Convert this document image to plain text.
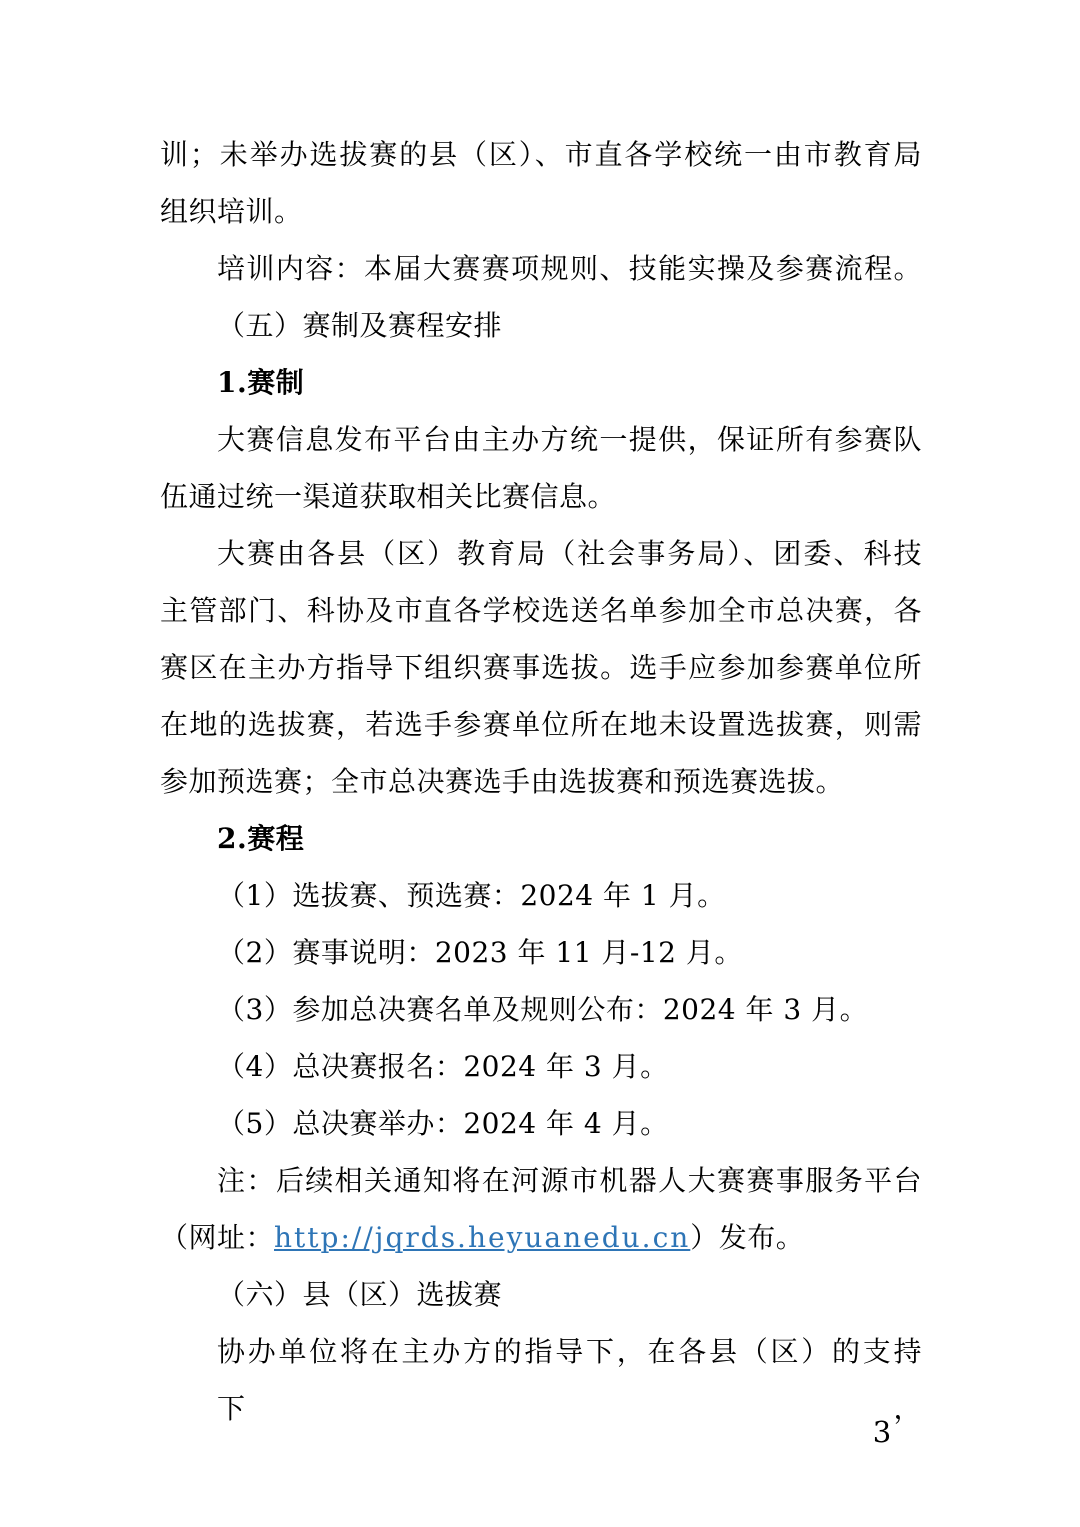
训；未举办选拔赛的县（区）、市直各学校统一由市教育局
组织培训。
培训内容：本届大赛赛项规则、技能实操及参赛流程。
（五）赛制及赛程安排
1.赛制
大赛信息发布平台由主办方统一提供，保证所有参赛队
伍通过统一渠道获取相关比赛信息。
大赛由各县（区）教育局（社会事务局）、团委、科技
主管部门、科协及市直各学校选送名单参加全市总决赛，各
赛区在主办方指导下组织赛事选拔。选手应参加参赛单位所
在地的选拔赛，若选手参赛单位所在地未设置选拔赛，则需
参加预选赛；全市总决赛选手由选拔赛和预选赛选拔。
2.赛程
（1）选拔赛、预选赛：2024 年 1 月。
（2）赛事说明：2023 年 11 月-12 月。
（3）参加总决赛名单及规则公布：2024 年 3 月。
（4）总决赛报名：2024 年 3 月。
（5）总决赛举办：2024 年 4 月。
注：后续相关通知将在河源市机器人大赛赛事服务平台
（网址：http://jqrds.heyuanedu.cn）发布。
（六）县（区）选拔赛
协办单位将在主办方的指导下，在各县（区）的支持下，
3
